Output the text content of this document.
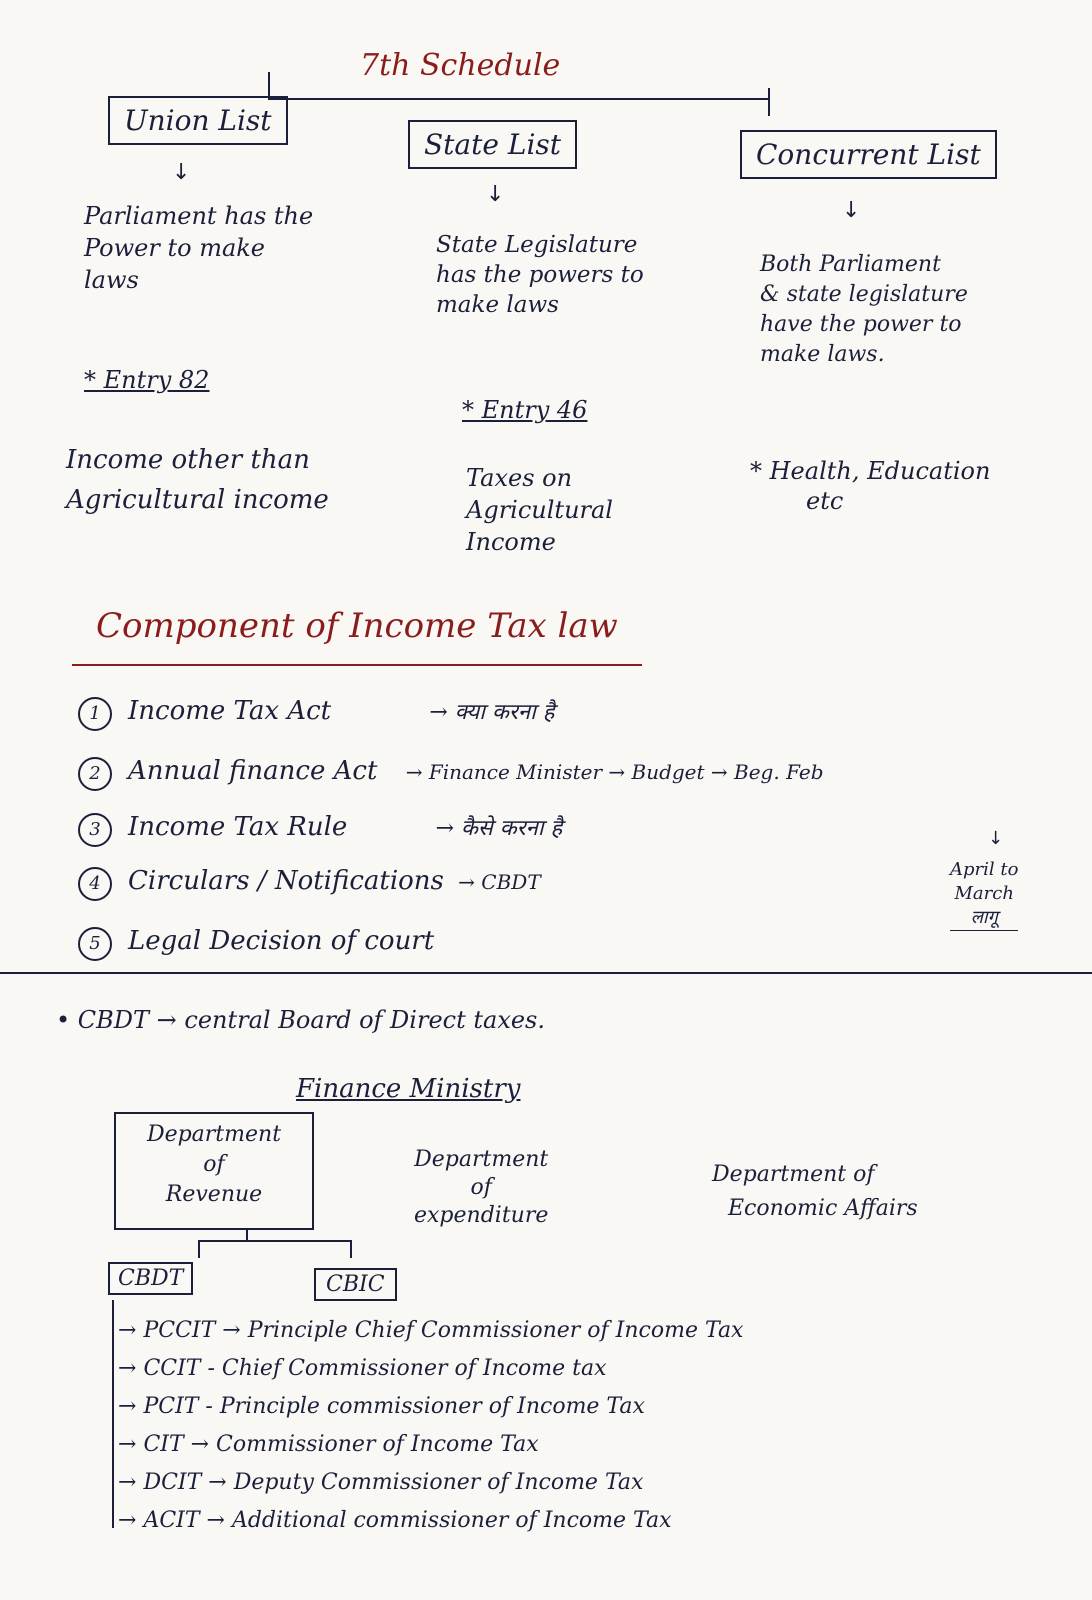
7th Schedule
Union List
State List	Concurrent List
↓
↓
↓
Parliament has the
Power to make
laws
* Entry 82
Income other than
Agricultural income
State Legislature
has the powers to
make laws
* Entry 46
Taxes on
Agricultural
Income
Both Parliament
& state legislature
have the power to
make laws.
* Health, Education
etc
Component of Income Tax law
1 Income Tax Act	→ क्या करना है
2 Annual finance Act → Finance Minister → Budget → Beg. Feb
3 Income Tax Rule	→ कैसे करना है
4 Circulars / Notifications → CBDT
5 Legal Decision of court
↓
April to
March
लागू
• CBDT → central Board of Direct taxes.
Finance Ministry
Department
of
Revenue
Department
of
expenditure
Department of
Economic Affairs
CBDT	CBIC
→ PCCIT → Principle Chief Commissioner of Income Tax
→ CCIT - Chief Commissioner of Income tax
→ PCIT - Principle commissioner of Income Tax
→ CIT → Commissioner of Income Tax
→ DCIT → Deputy Commissioner of Income Tax
→ ACIT → Additional commissioner of Income Tax
